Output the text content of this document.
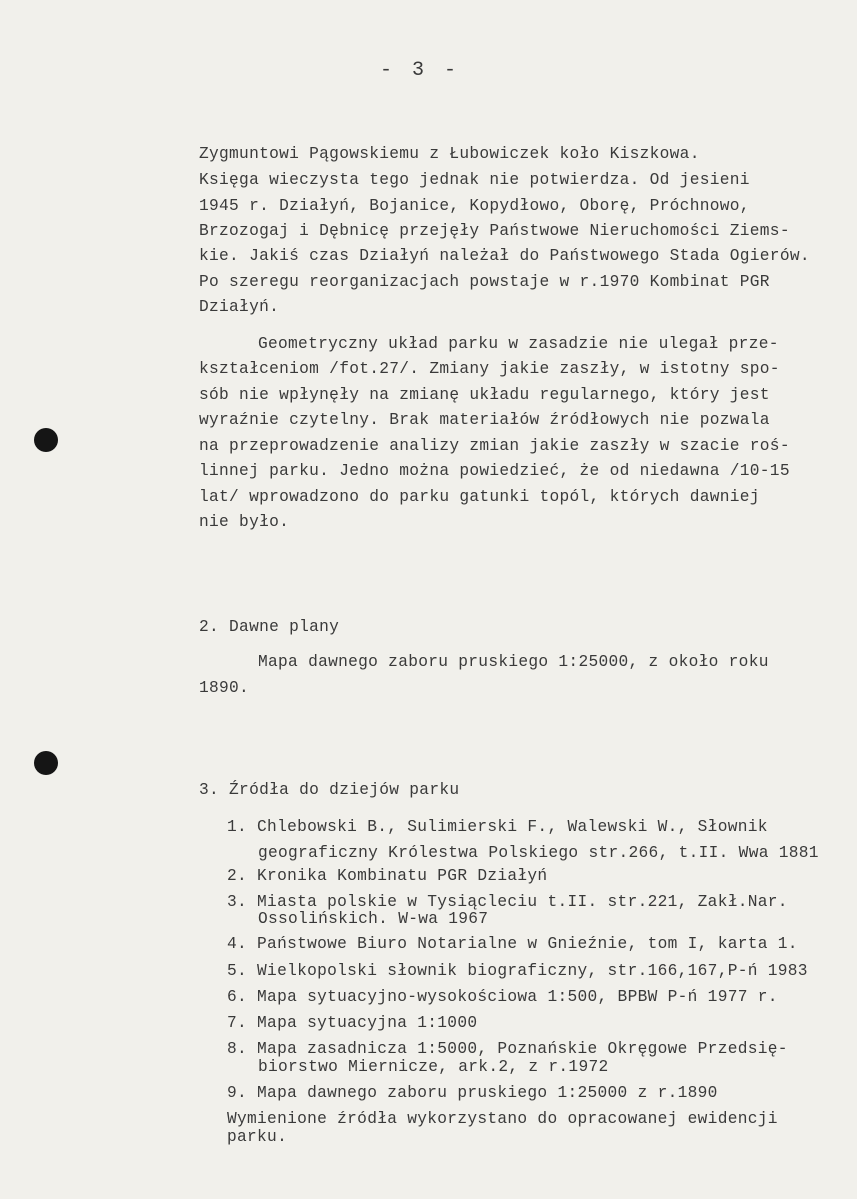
- 3 -
Zygmuntowi Pągowskiemu z Łubowiczek koło Kiszkowa.
Księga wieczysta tego jednak nie potwierdza. Od jesieni
1945 r. Działyń, Bojanice, Kopydłowo, Oborę, Próchnowo,
Brzozogaj i Dębnicę przejęły Państwowe Nieruchomości Ziems-
kie. Jakiś czas Działyń należał do Państwowego Stada Ogierów.
Po szeregu reorganizacjach powstaje w r.1970 Kombinat PGR
Działyń.
Geometryczny układ parku w zasadzie nie ulegał prze-
kształceniom /fot.27/. Zmiany jakie zaszły, w istotny spo-
sób nie wpłynęły na zmianę układu regularnego, który jest
wyraźnie czytelny. Brak materiałów źródłowych nie pozwala
na przeprowadzenie analizy zmian jakie zaszły w szacie roś-
linnej parku. Jedno można powiedzieć, że od niedawna /10-15
lat/ wprowadzono do parku gatunki topól, których dawniej
nie było.
2. Dawne plany
Mapa dawnego zaboru pruskiego 1:25000, z około roku
1890.
3. Źródła do dziejów parku
1. Chlebowski B., Sulimierski F., Walewski W., Słownik
geograficzny Królestwa Polskiego str.266, t.II. Wwa 1881
2. Kronika Kombinatu PGR Działyń
3. Miasta polskie w Tysiącleciu t.II. str.221, Zakł.Nar.
Ossolińskich. W-wa 1967
4. Państwowe Biuro Notarialne w Gnieźnie, tom I, karta 1.
5. Wielkopolski słownik biograficzny, str.166,167,P-ń 1983
6. Mapa sytuacyjno-wysokościowa 1:500, BPBW P-ń 1977 r.
7. Mapa sytuacyjna 1:1000
8. Mapa zasadnicza 1:5000, Poznańskie Okręgowe Przedsię-
biorstwo Miernicze, ark.2, z r.1972
9. Mapa dawnego zaboru pruskiego 1:25000 z r.1890
Wymienione źródła wykorzystano do opracowanej ewidencji
parku.
